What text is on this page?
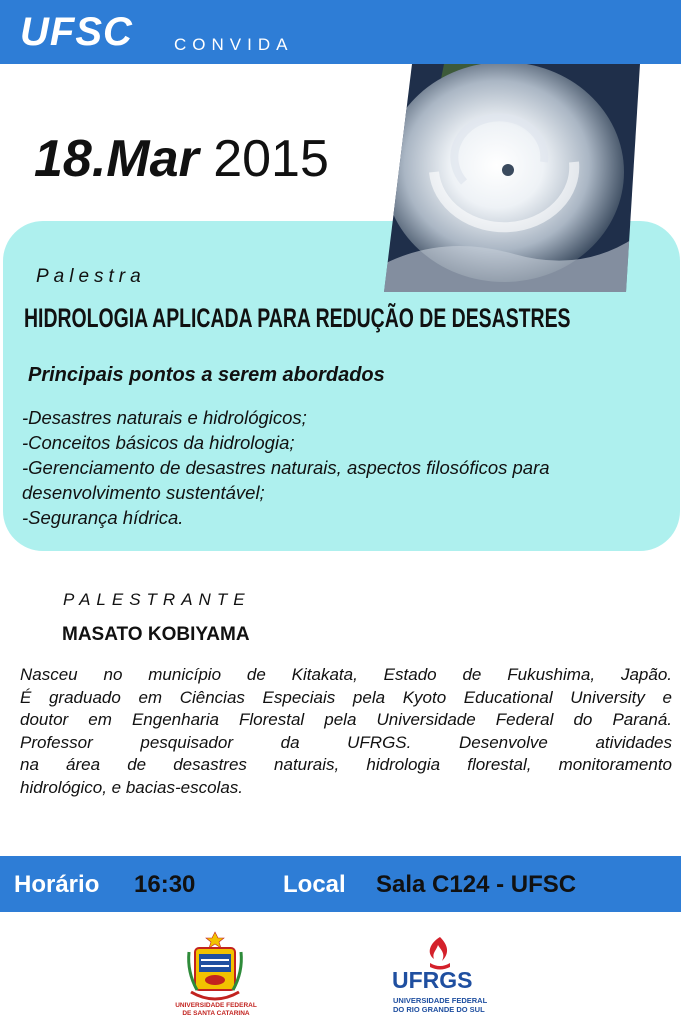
UFSC CONVIDA
18.Mar 2015
Palestra
HIDROLOGIA APLICADA PARA REDUÇÃO DE DESASTRES
Principais pontos a serem abordados
-Desastres naturais e hidrológicos;
-Conceitos básicos da hidrologia;
-Gerenciamento de desastres naturais, aspectos filosóficos para
desenvolvimento sustentável;
-Segurança hídrica.
PALESTRANTE
MASATO KOBIYAMA
Nasceu no município de Kitakata, Estado de Fukushima, Japão.
É graduado em Ciências Especiais pela Kyoto Educational University e
doutor em Engenharia Florestal pela Universidade Federal do Paraná.
Professor pesquisador da UFRGS. Desenvolve atividades
na área de desastres naturais, hidrologia florestal, monitoramento
hidrológico, e bacias-escolas.
Horário 16:30	Local Sala C124 - UFSC
UNIVERSIDADE FEDERAL
DE SANTA CATARINA
UFRGS
UNIVERSIDADE FEDERAL
DO RIO GRANDE DO SUL
